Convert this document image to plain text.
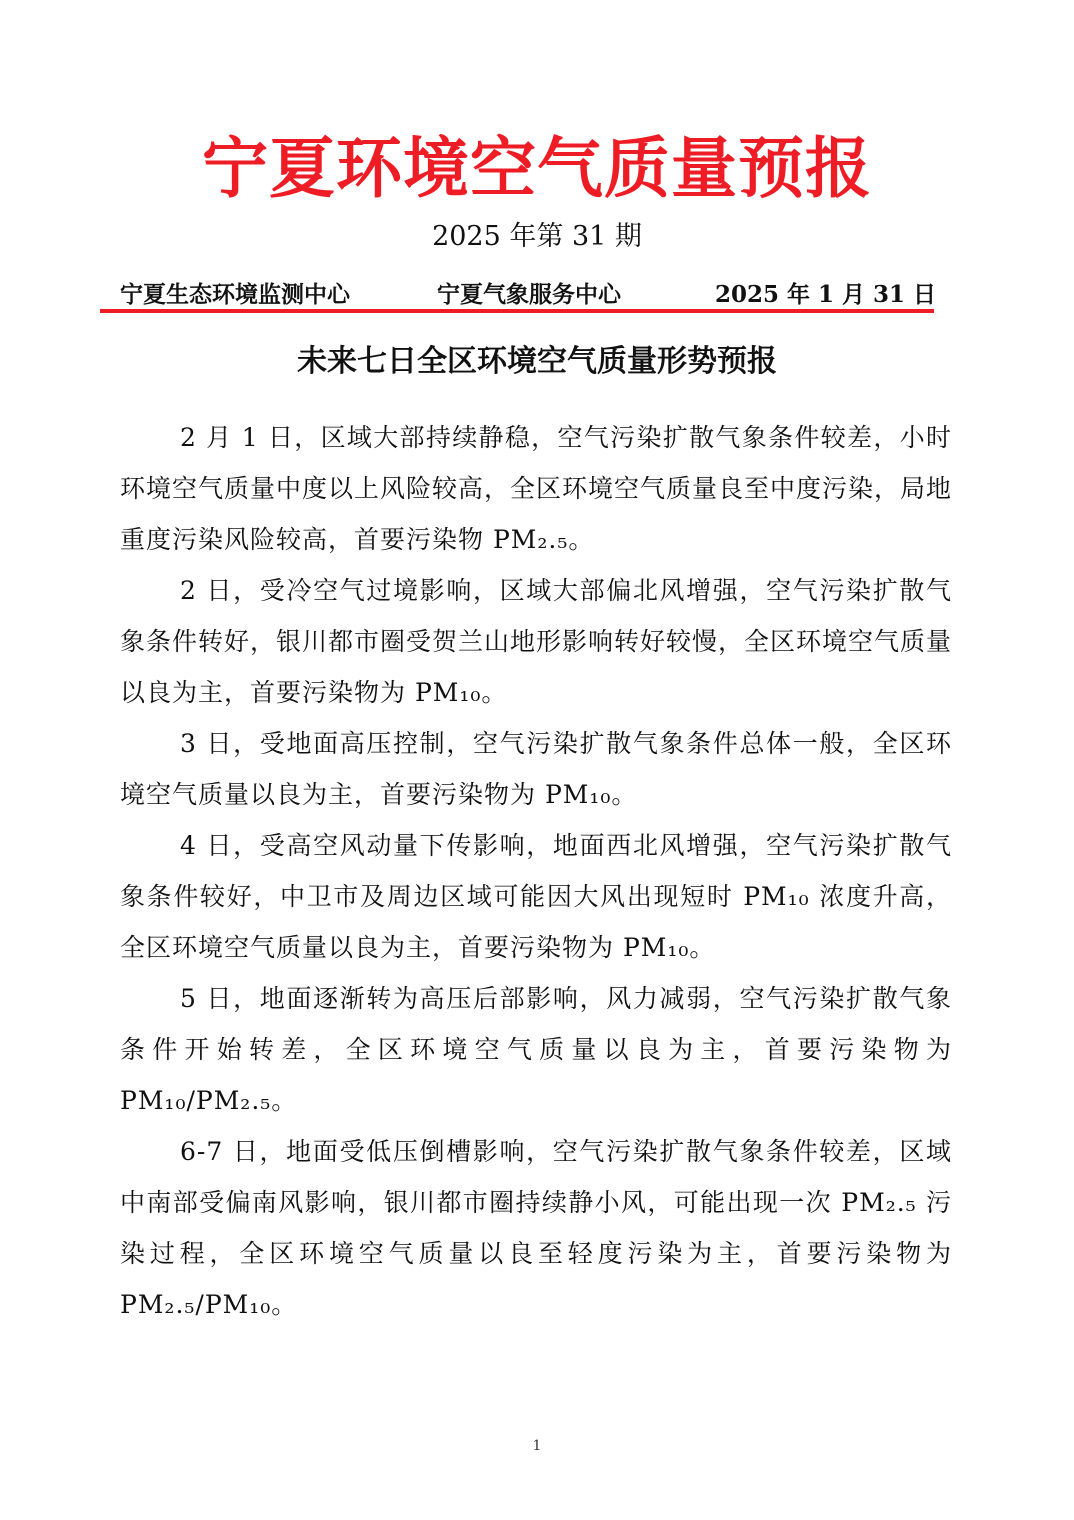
宁夏环境空气质量预报
2025 年第 31 期
宁夏生态环境监测中心	宁夏气象服务中心	2025 年 1 月 31 日
未来七日全区环境空气质量形势预报

2 月 1 日，区域大部持续静稳，空气污染扩散气象条件较差，小时环境空气质量中度以上风险较高，全区环境空气质量良至中度污染，局地重度污染风险较高，首要污染物 PM₂.₅。

2 日，受冷空气过境影响，区域大部偏北风增强，空气污染扩散气象条件转好，银川都市圈受贺兰山地形影响转好较慢，全区环境空气质量以良为主，首要污染物为 PM₁₀。

3 日，受地面高压控制，空气污染扩散气象条件总体一般，全区环境空气质量以良为主，首要污染物为 PM₁₀。

4 日，受高空风动量下传影响，地面西北风增强，空气污染扩散气象条件较好，中卫市及周边区域可能因大风出现短时 PM₁₀ 浓度升高，全区环境空气质量以良为主，首要污染物为 PM₁₀。

5 日，地面逐渐转为高压后部影响，风力减弱，空气污染扩散气象条件开始转差，全区环境空气质量以良为主，首要污染物为 PM₁₀/PM₂.₅。

6-7 日，地面受低压倒槽影响，空气污染扩散气象条件较差，区域中南部受偏南风影响，银川都市圈持续静小风，可能出现一次 PM₂.₅ 污染过程，全区环境空气质量以良至轻度污染为主，首要污染物为 PM₂.₅/PM₁₀。

1
